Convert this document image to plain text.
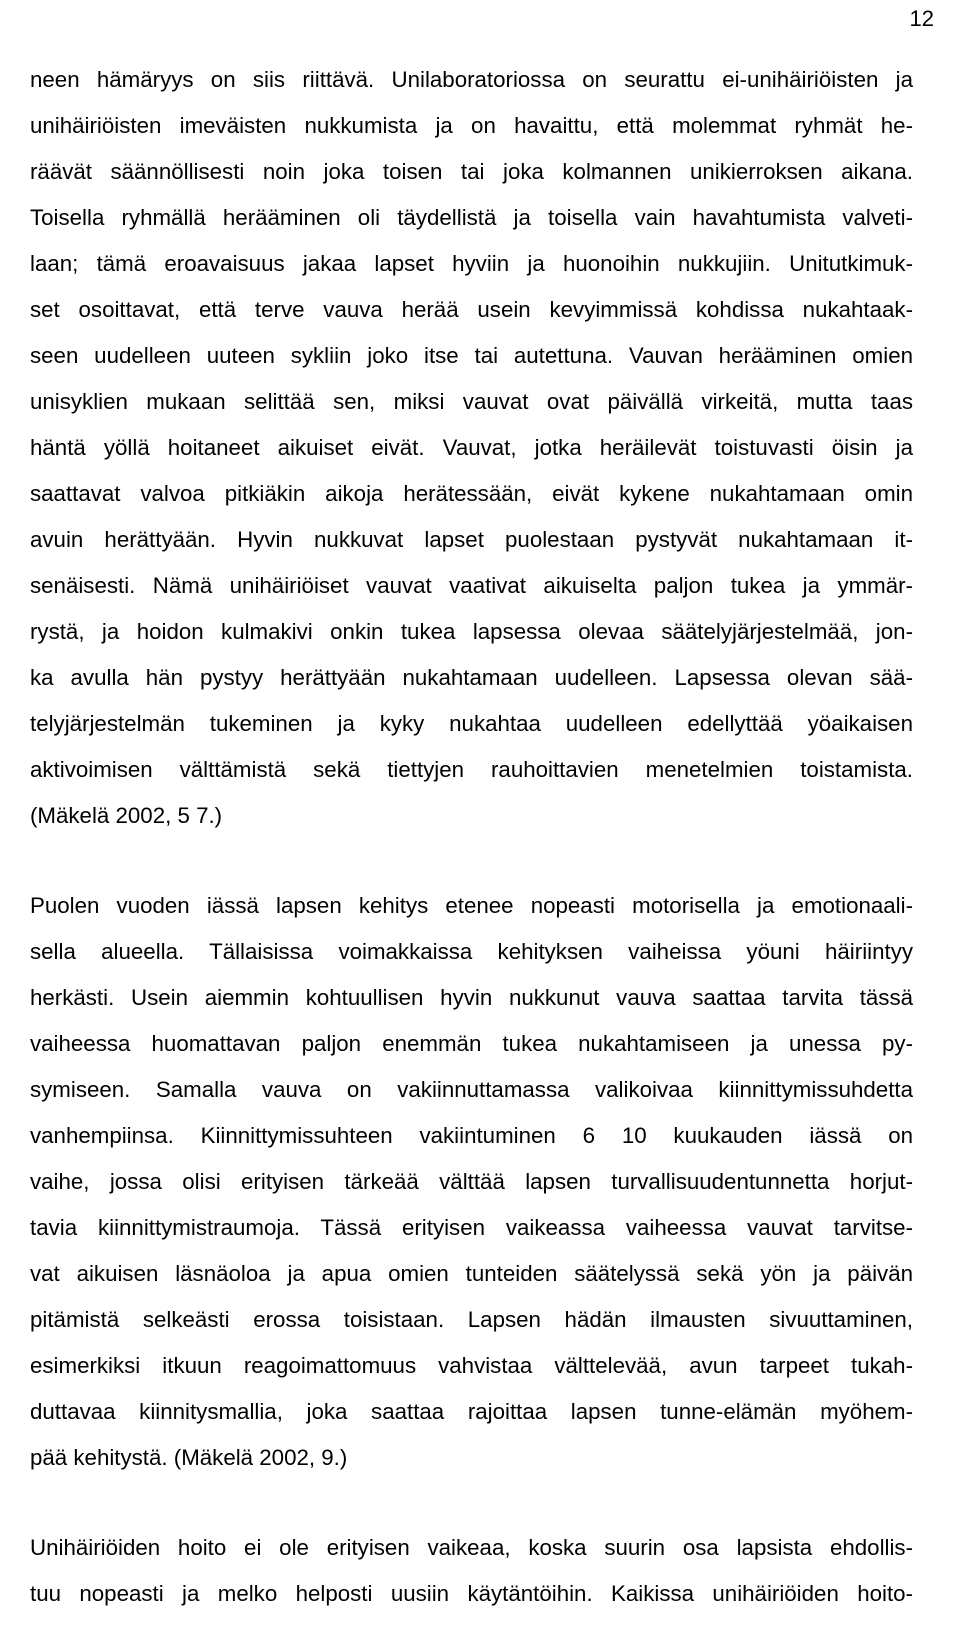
12
neen hämäryys on siis riittävä. Unilaboratoriossa on seurattu ei-unihäiriöisten ja
unihäiriöisten imeväisten nukkumista ja on havaittu, että molemmat ryhmät he-
räävät säännöllisesti noin joka toisen tai joka kolmannen unikierroksen aikana.
Toisella ryhmällä herääminen oli täydellistä ja toisella vain havahtumista valveti-
laan; tämä eroavaisuus jakaa lapset hyviin ja huonoihin nukkujiin. Unitutkimuk-
set osoittavat, että terve vauva herää usein kevyimmissä kohdissa nukahtaak-
seen uudelleen uuteen sykliin joko itse tai autettuna. Vauvan herääminen omien
unisyklien mukaan selittää sen, miksi vauvat ovat päivällä virkeitä, mutta taas
häntä yöllä hoitaneet aikuiset eivät. Vauvat, jotka heräilevät toistuvasti öisin ja
saattavat valvoa pitkiäkin aikoja herätessään, eivät kykene nukahtamaan omin
avuin herättyään. Hyvin nukkuvat lapset puolestaan pystyvät nukahtamaan it-
senäisesti. Nämä unihäiriöiset vauvat vaativat aikuiselta paljon tukea ja ymmär-
rystä, ja hoidon kulmakivi onkin tukea lapsessa olevaa säätelyjärjestelmää, jon-
ka avulla hän pystyy herättyään nukahtamaan uudelleen. Lapsessa olevan sää-
telyjärjestelmän tukeminen ja kyky nukahtaa uudelleen edellyttää yöaikaisen
aktivoimisen välttämistä sekä tiettyjen rauhoittavien menetelmien toistamista.
(Mäkelä 2002, 5 7.)
Puolen vuoden iässä lapsen kehitys etenee nopeasti motorisella ja emotionaali-
sella alueella. Tällaisissa voimakkaissa kehityksen vaiheissa yöuni häiriintyy
herkästi. Usein aiemmin kohtuullisen hyvin nukkunut vauva saattaa tarvita tässä
vaiheessa huomattavan paljon enemmän tukea nukahtamiseen ja unessa py-
symiseen. Samalla vauva on vakiinnuttamassa valikoivaa kiinnittymissuhdetta
vanhempiinsa. Kiinnittymissuhteen vakiintuminen 6 10 kuukauden iässä on
vaihe, jossa olisi erityisen tärkeää välttää lapsen turvallisuudentunnetta horjut-
tavia kiinnittymistraumoja. Tässä erityisen vaikeassa vaiheessa vauvat tarvitse-
vat aikuisen läsnäoloa ja apua omien tunteiden säätelyssä sekä yön ja päivän
pitämistä selkeästi erossa toisistaan. Lapsen hädän ilmausten sivuuttaminen,
esimerkiksi itkuun reagoimattomuus vahvistaa välttelevää, avun tarpeet tukah-
duttavaa kiinnitysmallia, joka saattaa rajoittaa lapsen tunne-elämän myöhem-
pää kehitystä. (Mäkelä 2002, 9.)
Unihäiriöiden hoito ei ole erityisen vaikeaa, koska suurin osa lapsista ehdollis-
tuu nopeasti ja melko helposti uusiin käytäntöihin. Kaikissa unihäiriöiden hoito-
